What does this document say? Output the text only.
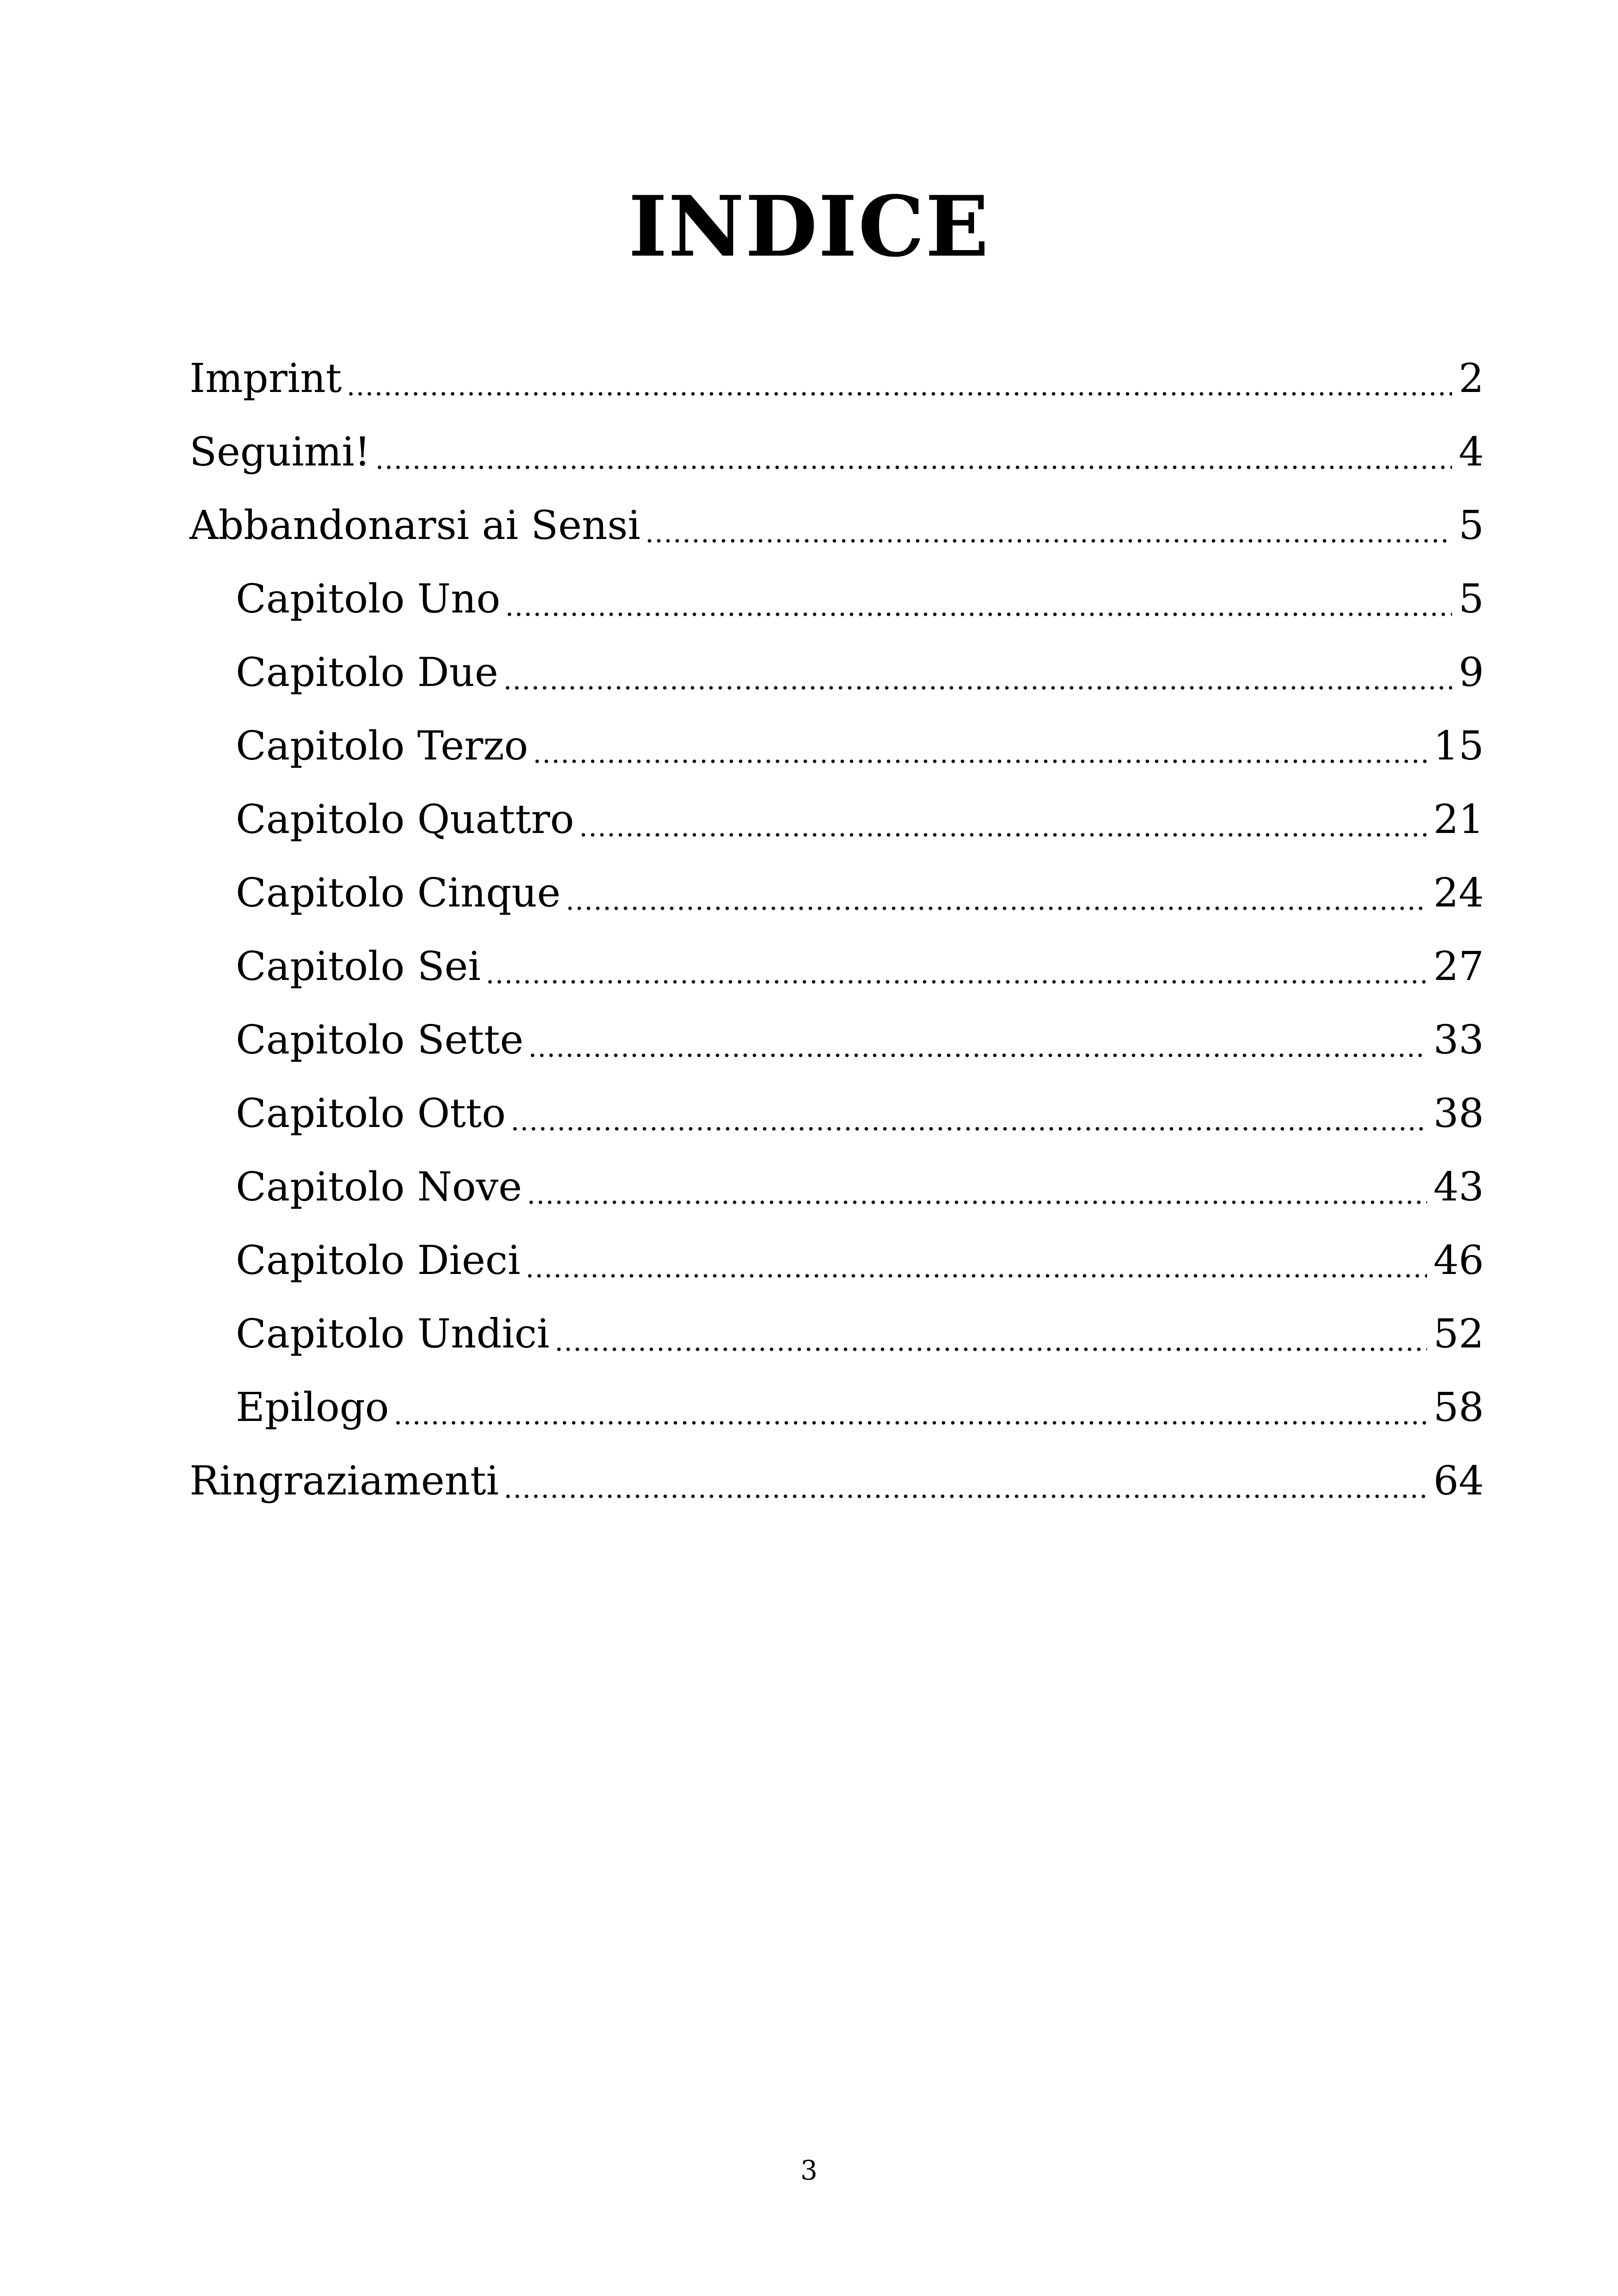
INDICE
Imprint	2
Seguimi!	4
Abbandonarsi ai Sensi	5
Capitolo Uno	5
Capitolo Due	9
Capitolo Terzo	15
Capitolo Quattro	21
Capitolo Cinque	24
Capitolo Sei	27
Capitolo Sette	33
Capitolo Otto	38
Capitolo Nove	43
Capitolo Dieci	46
Capitolo Undici	52
Epilogo	58
Ringraziamenti	64
3
